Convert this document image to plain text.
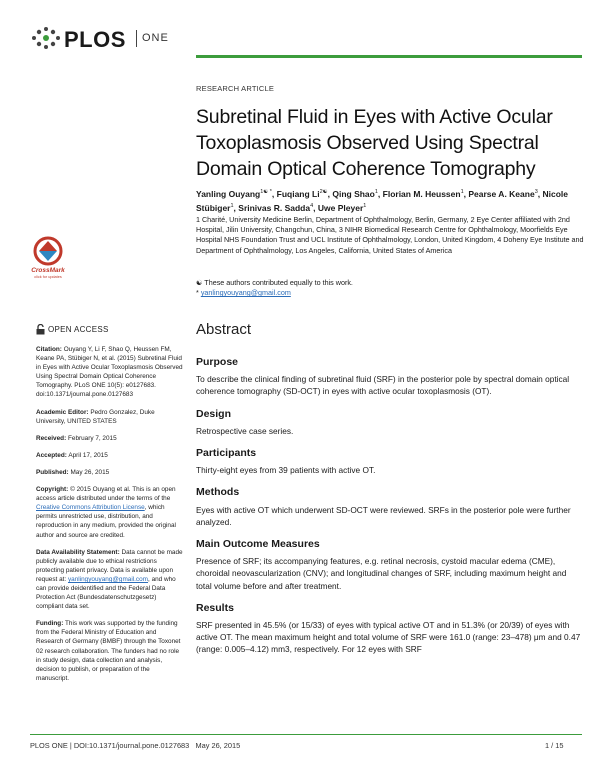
PLOS ONE
RESEARCH ARTICLE
Subretinal Fluid in Eyes with Active Ocular Toxoplasmosis Observed Using Spectral Domain Optical Coherence Tomography
Yanling Ouyang$^{1☯ *}$, Fuqiang $Li^{2☯}$, Qing Shao$^1$, Florian M. Heussen$^1$, Pearse A. Keane$^3$, Nicole Stübiger$^1$, Srinivas R. Sadda$^4$, Uwe Pleyer$^1$
1 Charité, University Medicine Berlin, Department of Ophthalmology, Berlin, Germany, 2 Eye Center affiliated with 2nd Hospital, Jilin University, Changchun, China, 3 NIHR Biomedical Research Centre for Ophthalmology, Moorfields Eye Hospital NHS Foundation Trust and UCL Institute of Ophthalmology, London, United Kingdom, 4 Doheny Eye Institute and Department of Ophthalmology, Los Angeles, California, United States of America
☯ These authors contributed equally to this work.
* yanlingyouyang@gmail.com
CrossMark
click for updates
OPEN ACCESS
Citation: Ouyang Y, Li F, Shao Q, Heussen FM, Keane PA, Stübiger N, et al. (2015) Subretinal Fluid in Eyes with Active Ocular Toxoplasmosis Observed Using Spectral Domain Optical Coherence Tomography. PLoS ONE 10(5): e0127683. doi:10.1371/journal.pone.0127683
Academic Editor: Pedro Gonzalez, Duke University, UNITED STATES
Received: February 7, 2015
Accepted: April 17, 2015
Published: May 26, 2015
Copyright: © 2015 Ouyang et al. This is an open access article distributed under the terms of the Creative Commons Attribution License, which permits unrestricted use, distribution, and reproduction in any medium, provided the original author and source are credited.
Data Availability Statement: Data cannot be made publicly available due to ethical restrictions protecting patient privacy. Data is available upon request at: yanlingyouyang@gmail.com, and who can provide deidentified and the Federal Data Protection Act (Bundesdatenschutzgesetz) compliant data set.
Funding: This work was supported by the funding from the Federal Ministry of Education and Research of Germany (BMBF) through the Toxonet 02 research collaboration. The funders had no role in study design, data collection and analysis, decision to publish, or preparation of the manuscript.
Abstract
Purpose

To describe the clinical finding of subretinal fluid (SRF) in the posterior pole by spectral domain optical coherence tomography (SD-OCT) in eyes with active ocular toxoplasmosis (OT).

Design

Retrospective case series.

Participants

Thirty-eight eyes from 39 patients with active OT.

Methods

Eyes with active OT which underwent SD-OCT were reviewed. SRFs in the posterior pole were further analyzed.

Main Outcome Measures

Presence of SRF; its accompanying features, e.g. retinal necrosis, cystoid macular edema (CME), choroidal neovascularization (CNV); and longitudinal changes of SRF, including maximum height and total volume before and after treatment.

Results

SRF presented in 45.5% (or 15/33) of eyes with typical active OT and in 51.3% (or 20/39) of eyes with active OT. The mean maximum height and total volume of SRF were 161.0 (range: 23–478) μm and 0.47 (range: 0.005–4.12) mm3, respectively. For 12 eyes with SRF

PLOS ONE | DOI:10.1371/journal.pone.0127683   May 26, 2015	1 / 15
